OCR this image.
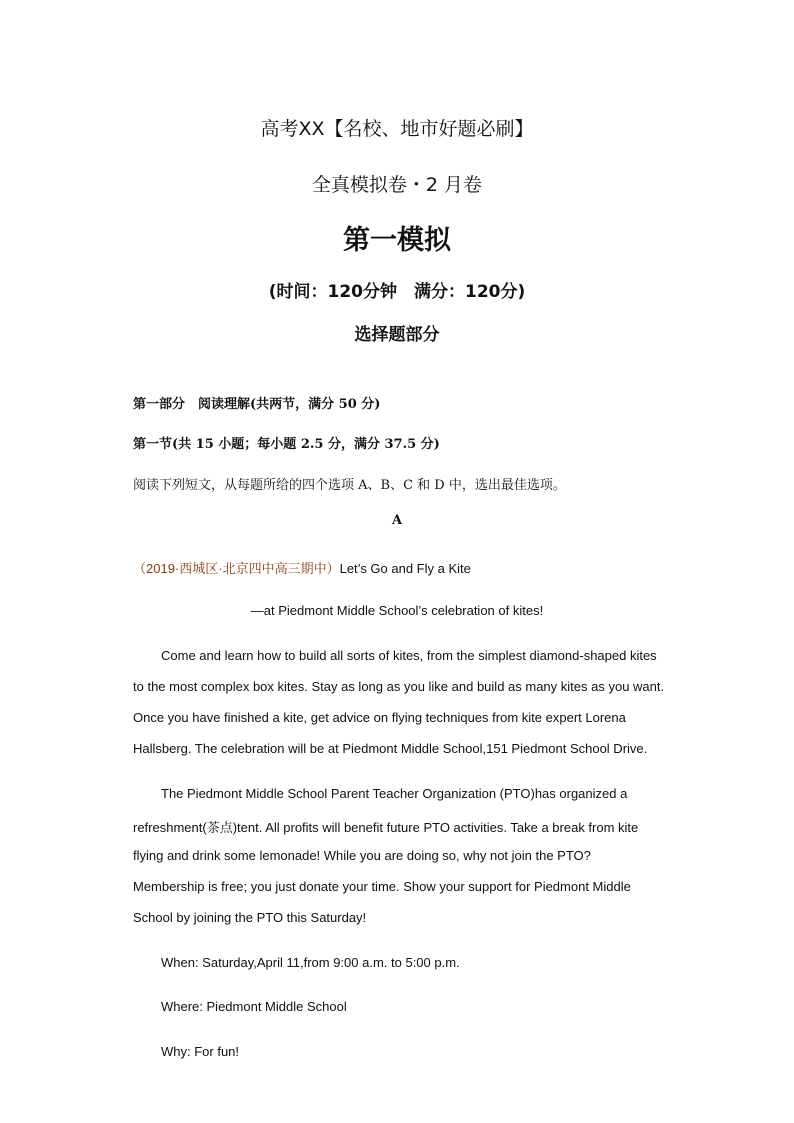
高考XX【名校、地市好题必刷】
全真模拟卷・2 月卷
第一模拟
(时间：120分钟　满分：120分)
选择题部分
第一部分　阅读理解(共两节，满分 50 分)
第一节(共 15 小题；每小题 2.5 分，满分 37.5 分)
阅读下列短文，从每题所给的四个选项 A、B、C 和 D 中，选出最佳选项。
A
（2019·西城区·北京四中高三期中）Let’s Go and Fly a Kite
—at Piedmont Middle School’s celebration of kites!
Come and learn how to build all sorts of kites, from the simplest diamond-shaped kites
to the most complex box kites. Stay as long as you like and build as many kites as you want.
Once you have finished a kite, get advice on flying techniques from kite expert Lorena
Hallsberg. The celebration will be at Piedmont Middle School,151 Piedmont School Drive.
The Piedmont Middle School Parent Teacher Organization (PTO)has organized a
refreshment(茶点)tent. All profits will benefit future PTO activities. Take a break from kite
flying and drink some lemonade! While you are doing so, why not join the PTO?
Membership is free; you just donate your time. Show your support for Piedmont Middle
School by joining the PTO this Saturday!
When: Saturday,April 11,from 9:00 a.m. to 5:00 p.m.
Where: Piedmont Middle School
Why: For fun!
